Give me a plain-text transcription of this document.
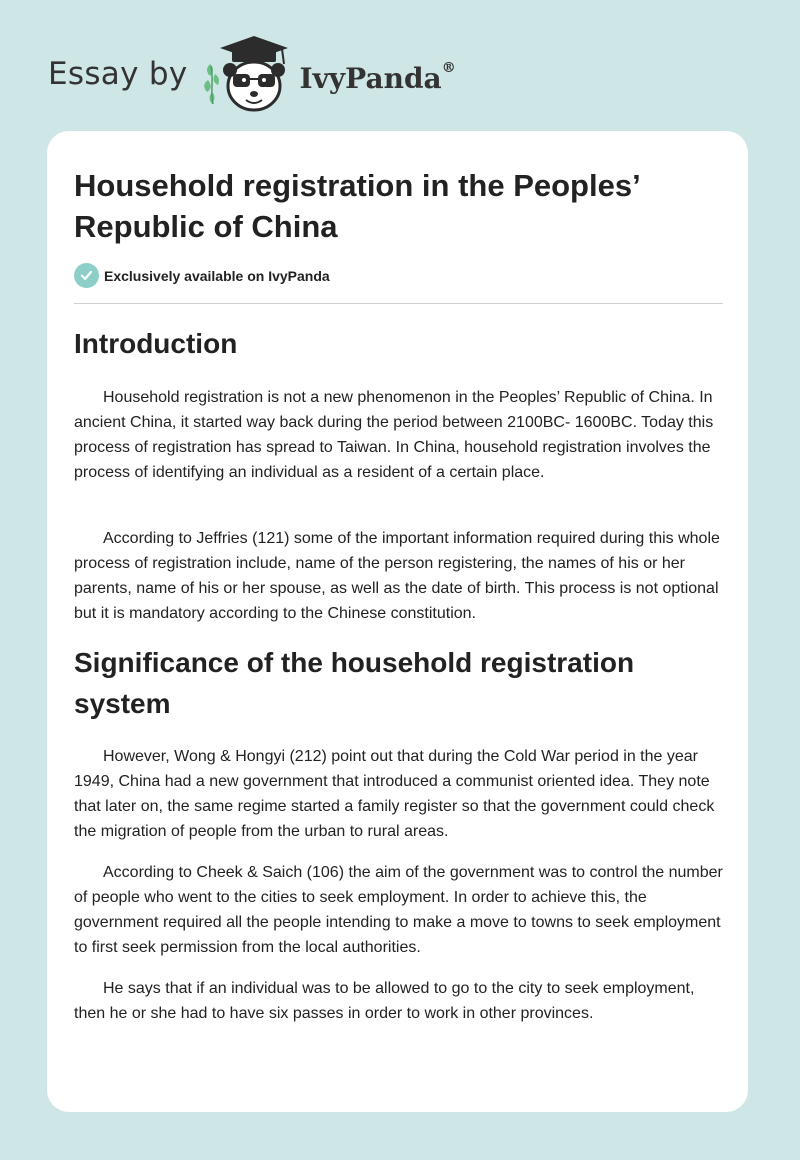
Essay by	IvyPanda®
Household registration in the Peoples’ Republic of China
Exclusively available on IvyPanda
Introduction

Household registration is not a new phenomenon in the Peoples’ Republic of China. In ancient China, it started way back during the period between 2100BC- 1600BC. Today this process of registration has spread to Taiwan. In China, household registration involves the process of identifying an individual as a resident of a certain place.

According to Jeffries (121) some of the important information required during this whole process of registration include, name of the person registering, the names of his or her parents, name of his or her spouse, as well as the date of birth. This process is not optional but it is mandatory according to the Chinese constitution.

Significance of the household registration system

However, Wong & Hongyi (212) point out that during the Cold War period in the year 1949, China had a new government that introduced a communist oriented idea. They note that later on, the same regime started a family register so that the government could check the migration of people from the urban to rural areas.

According to Cheek & Saich (106) the aim of the government was to control the number of people who went to the cities to seek employment. In order to achieve this, the government required all the people intending to make a move to towns to seek employment to first seek permission from the local authorities.

He says that if an individual was to be allowed to go to the city to seek employment, then he or she had to have six passes in order to work in other provinces.
